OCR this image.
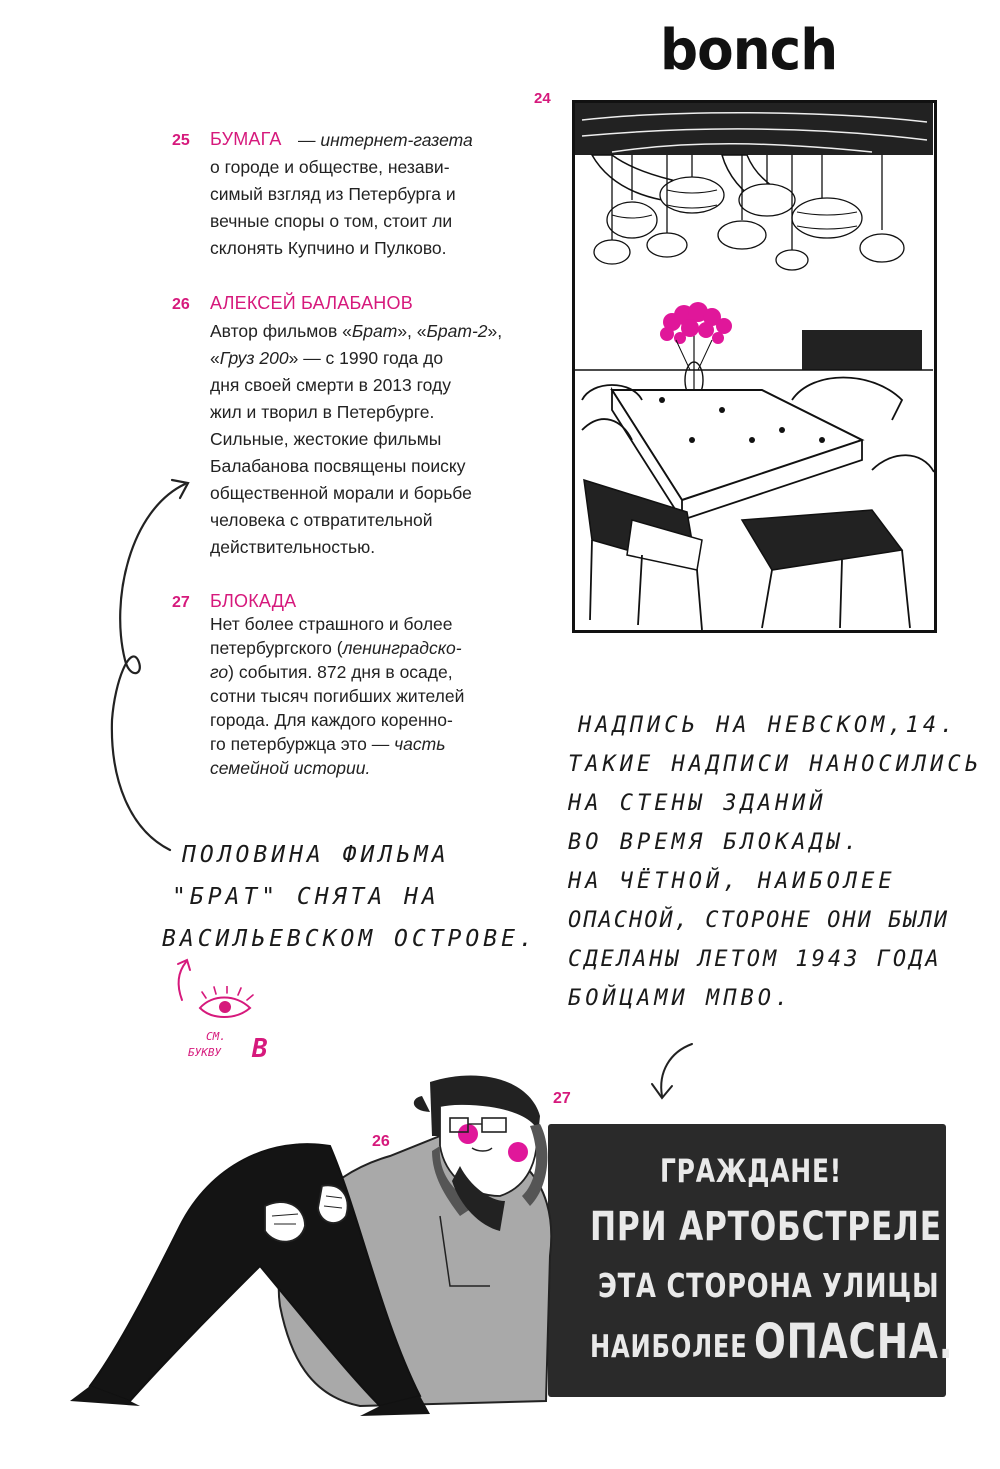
bonch
24
26
27
25 БУМАГА — интернет-газета
о городе и обществе, незави-
симый взгляд из Петербурга и
вечные споры о том, стоит ли
склонять Купчино и Пулково.
26 АЛЕКСЕЙ БАЛАБАНОВ
Автор фильмов «Брат», «Брат-2»,
«Груз 200» — с 1990 года до
дня своей смерти в 2013 году
жил и творил в Петербурге.
Сильные, жестокие фильмы
Балабанова посвящены поиску
общественной морали и борьбе
человека с отвратительной
действительностью.
27 БЛОКАДА
Нет более страшного и более
петербургского (ленинградско-
го) события. 872 дня в осаде,
сотни тысяч погибших жителей
города. Для каждого коренно-
го петербуржца это — часть
семейной истории.
ПОЛОВИНА ФИЛЬМА
"БРАТ" СНЯТА НА
ВАСИЛЬЕВСКОМ ОСТРОВЕ.
СМ.
БУКВУ В
НАДПИСЬ НА НЕВСКОМ,14.
ТАКИЕ НАДПИСИ НАНОСИЛИСЬ
НА СТЕНЫ ЗДАНИЙ
ВО ВРЕМЯ БЛОКАДЫ.
НА ЧЁТНОЙ, НАИБОЛЕЕ
ОПАСНОЙ, СТОРОНЕ ОНИ БЫЛИ
СДЕЛАНЫ ЛЕТОМ 1943 ГОДА
БОЙЦАМИ МПВО.
ГРАЖДАНЕ!
ПРИ АРТОБСТРЕЛЕ
ЭТА СТОРОНА УЛИЦЫ
НАИБОЛЕЕ ОПАСНА.
